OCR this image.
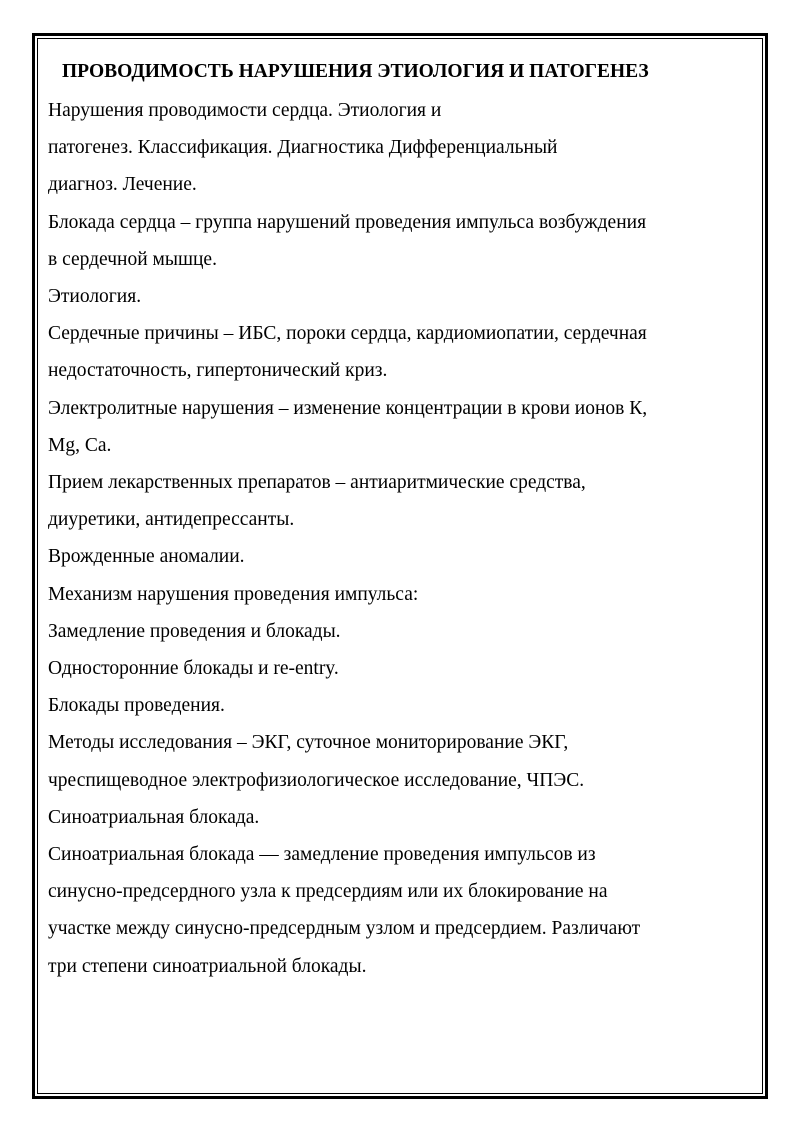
ПРОВОДИМОСТЬ НАРУШЕНИЯ ЭТИОЛОГИЯ И ПАТОГЕНЕЗ

Нарушения проводимости сердца. Этиология и

патогенез. Классификация. Диагностика Дифференциальный

диагноз. Лечение.

Блокада сердца – группа нарушений проведения импульса возбуждения

в сердечной мышце.

Этиология.

Сердечные причины – ИБС, пороки сердца, кардиомиопатии, сердечная

недостаточность, гипертонический криз.

Электролитные нарушения – изменение концентрации в крови ионов К,

Mg, Ca.

Прием лекарственных препаратов – антиаритмические средства,

диуретики, антидепрессанты.

Врожденные аномалии.

Механизм нарушения проведения импульса:

Замедление проведения и блокады.

Односторонние блокады и re-entry.

Блокады проведения.

Методы исследования – ЭКГ, суточное мониторирование ЭКГ,

чреспищеводное электрофизиологическое исследование, ЧПЭС.

Синоатриальная блокада.

Синоатриальная блокада — замедление проведения импульсов из

синусно-предсердного узла к предсердиям или их блокирование на

участке между синусно-предсердным узлом и предсердием. Различают

три степени синоатриальной блокады.
